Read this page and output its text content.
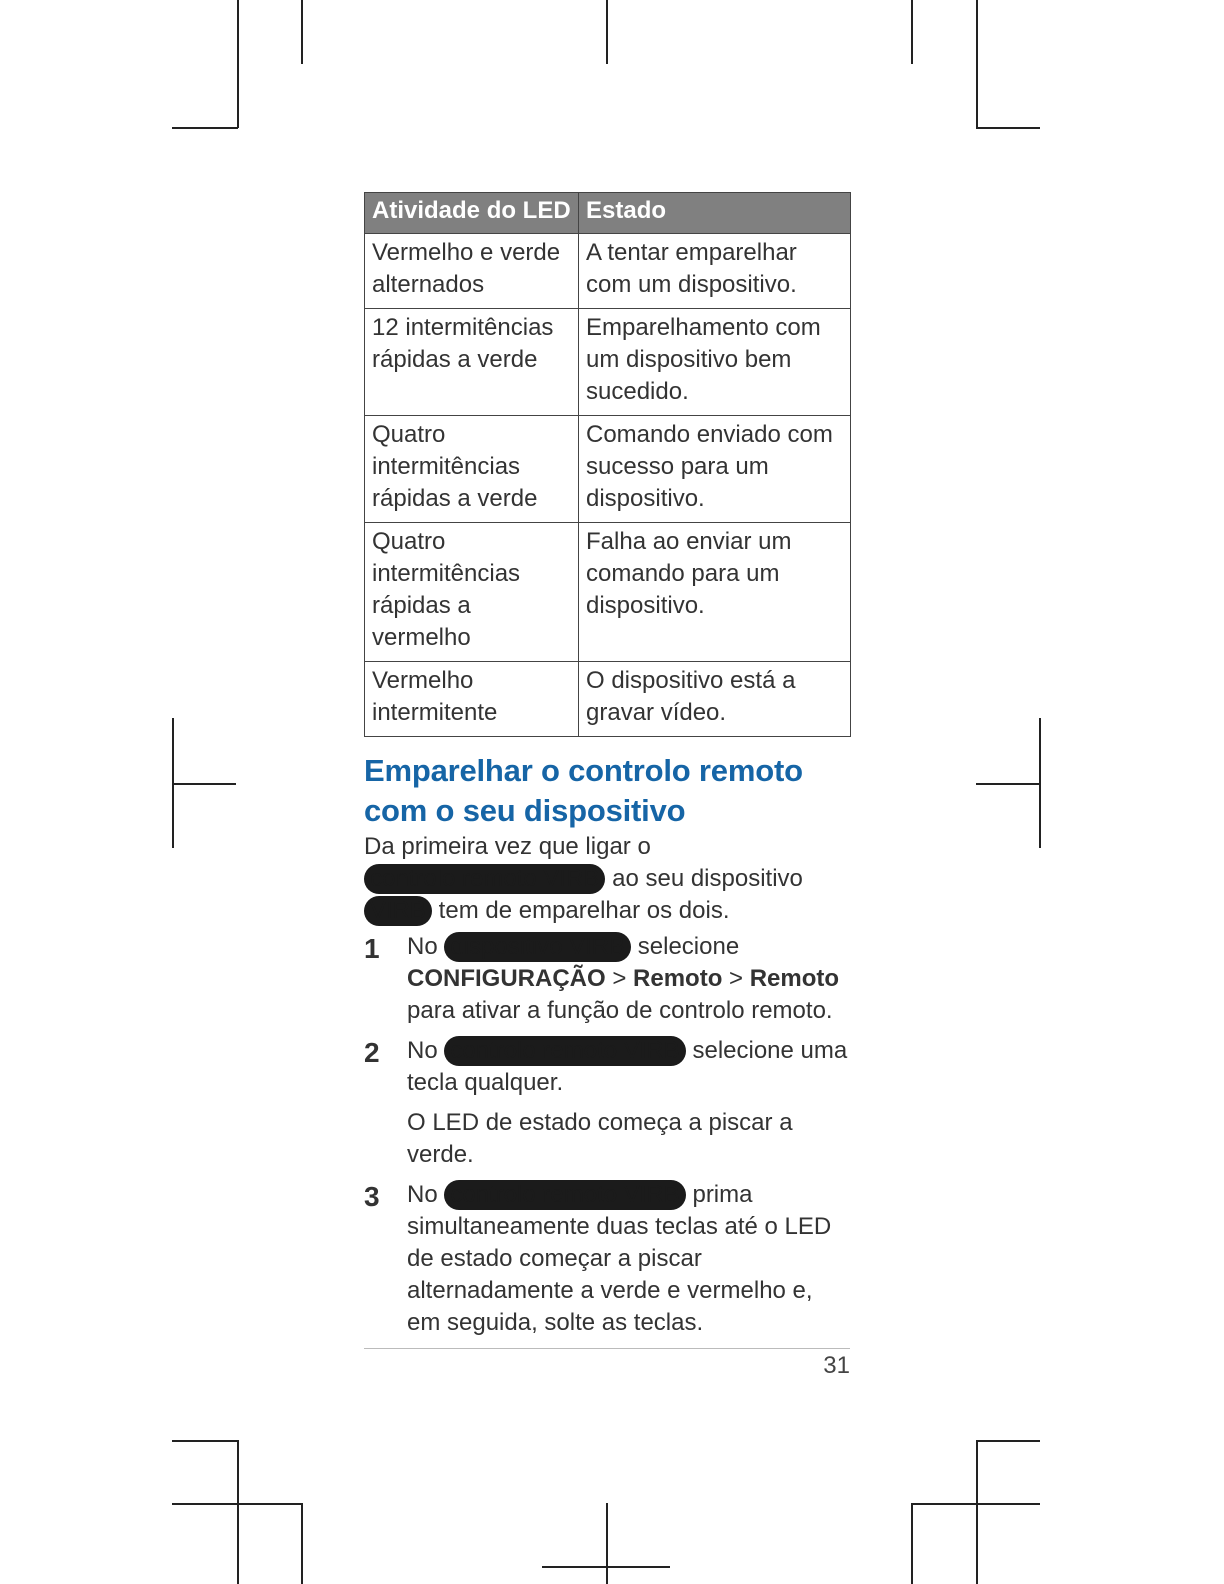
Atividade do LED	Estado
Vermelho e verde alternados	A tentar emparelhar com um dispositivo.
12 intermitências rápidas a verde	Emparelhamento com um dispositivo bem sucedido.
Quatro intermitências rápidas a verde	Comando enviado com sucesso para um dispositivo.
Quatro intermitências rápidas a vermelho	Falha ao enviar um comando para um dispositivo.
Vermelho intermitente	O dispositivo está a gravar vídeo.
Emparelhar o controlo remoto com o seu dispositivo

Da primeira vez que ligar o controlo remoto VIRB ao seu dispositivo VIRB tem de emparelhar os dois.

1 No dispositivo VIRB selecione CONFIGURAÇÃO > Remoto > Remoto para ativar a função de controlo remoto.
2 No controlo remoto VIRB selecione uma tecla qualquer.
O LED de estado começa a piscar a verde.
3 No controlo remoto VIRB prima simultaneamente duas teclas até o LED de estado começar a piscar alternadamente a verde e vermelho e, em seguida, solte as teclas.
31
